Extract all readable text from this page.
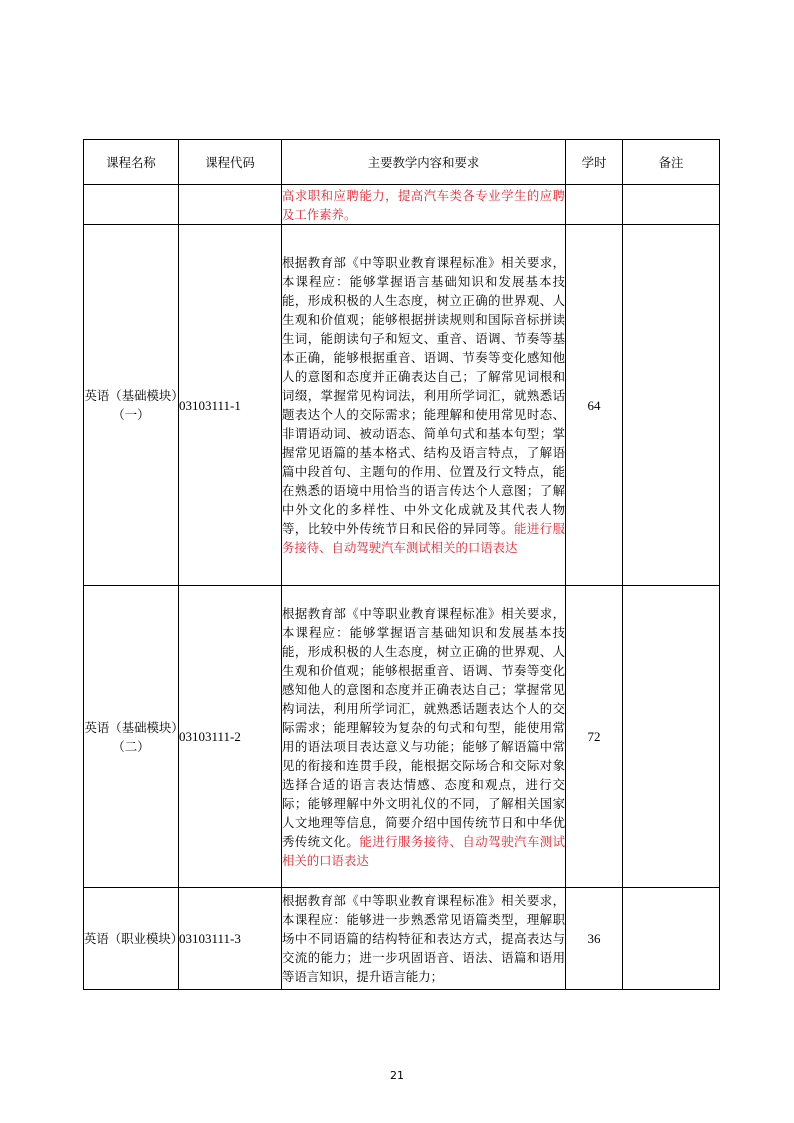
课程名称	课程代码	主要教学内容和要求	学时	备注
		高求职和应聘能力，提高汽车类各专业学生的应聘及工作素养。		
英语（基础模块）（一）	03103111-1	根据教育部《中等职业教育课程标准》相关要求，本课程应：能够掌握语言基础知识和发展基本技能，形成积极的人生态度，树立正确的世界观、人生观和价值观；能够根据拼读规则和国际音标拼读生词，能朗读句子和短文、重音、语调、节奏等基本正确，能够根据重音、语调、节奏等变化感知他人的意图和态度并正确表达自己；了解常见词根和词缀，掌握常见构词法，利用所学词汇，就熟悉话题表达个人的交际需求；能理解和使用常见时态、非谓语动词、被动语态、简单句式和基本句型；掌握常见语篇的基本格式、结构及语言特点，了解语篇中段首句、主题句的作用、位置及行文特点，能在熟悉的语境中用恰当的语言传达个人意图；了解中外文化的多样性、中外文化成就及其代表人物等，比较中外传统节日和民俗的异同等。能进行服务接待、自动驾驶汽车测试相关的口语表达	64	
英语（基础模块）（二）	03103111-2	根据教育部《中等职业教育课程标准》相关要求，本课程应：能够掌握语言基础知识和发展基本技能，形成积极的人生态度，树立正确的世界观、人生观和价值观；能够根据重音、语调、节奏等变化感知他人的意图和态度并正确表达自己；掌握常见构词法，利用所学词汇，就熟悉话题表达个人的交际需求；能理解较为复杂的句式和句型，能使用常用的语法项目表达意义与功能；能够了解语篇中常见的衔接和连贯手段，能根据交际场合和交际对象选择合适的语言表达情感、态度和观点，进行交际；能够理解中外文明礼仪的不同，了解相关国家人文地理等信息，简要介绍中国传统节日和中华优秀传统文化。能进行服务接待、自动驾驶汽车测试相关的口语表达	72	
英语（职业模块）	03103111-3	根据教育部《中等职业教育课程标准》相关要求，本课程应：能够进一步熟悉常见语篇类型，理解职场中不同语篇的结构特征和表达方式，提高表达与交流的能力；进一步巩固语音、语法、语篇和语用等语言知识，提升语言能力；	36	
21
